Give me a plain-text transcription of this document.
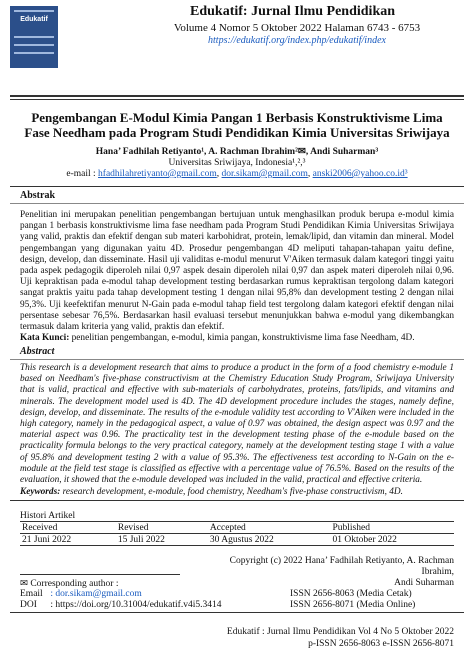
Edukatif
Edukatif: Jurnal Ilmu Pendidikan
Volume 4 Nomor 5 Oktober 2022 Halaman 6743 - 6753
https://edukatif.org/index.php/edukatif/index
Pengembangan E-Modul Kimia Pangan 1 Berbasis Konstruktivisme Lima Fase Needham pada Program Studi Pendidikan Kimia Universitas Sriwijaya
Hana’ Fadhilah Retiyanto¹, A. Rachman Ibrahim²✉, Andi Suharman³
Universitas Sriwijaya, Indonesia¹,²,³
e-mail : hfadhilahretiyanto@gmail.com, dor.sikam@gmail.com, anski2006@yahoo.co.id³
Abstrak
Penelitian ini merupakan penelitian pengembangan bertujuan untuk menghasilkan produk berupa e-modul kimia pangan 1 berbasis konstruktivisme lima fase needham pada Program Studi Pendidikan Kimia Universitas Sriwijaya yang valid, praktis dan efektif dengan sub materi karbohidrat, protein, lemak/lipid, dan vitamin dan mineral. Model pengembangan yang digunakan yaitu 4D. Prosedur pengembangan 4D meliputi tahapan-tahapan yaitu define, design, develop, dan disseminate. Hasil uji validitas e-modul menurut V'Aiken termasuk dalam kategori tinggi yaitu pada aspek pedagogik diperoleh nilai 0,97 aspek desain diperoleh nilai 0,97 dan aspek materi diperoleh nilai 0,96. Uji kepraktisan pada e-modul tahap development testing berdasarkan rumus kepraktisan tergolong dalam kategori sangat praktis yaitu pada tahap development testing 1 dengan nilai 95,8% dan development testing 2 dengan nilai 95,3%. Uji keefektifan menurut N-Gain pada e-modul tahap field test tergolong dalam kategori efektif dengan nilai persentase sebesar 76,5%. Berdasarkan hasil evaluasi tersebut menunjukkan bahwa e-modul yang dikembangkan termasuk dalam kriteria yang valid, praktis dan efektif.
Kata Kunci: penelitian pengembangan, e-modul, kimia pangan, konstruktivisme lima fase Needham, 4D.
Abstract
This research is a development research that aims to produce a product in the form of a food chemistry e-module 1 based on Needham's five-phase constructivism at the Chemistry Education Study Program, Sriwijaya University that is valid, practical and effective with sub-materials of carbohydrates, proteins, fats/lipids, and vitamins and minerals. The development model used is 4D. The 4D development procedure includes the stages, namely define, design, develop, and disseminate. The results of the e-module validity test according to V'Aiken were included in the high category, namely in the pedagogical aspect, a value of 0.97 was obtained, the design aspect was 0.97 and the material aspect was 0.96. The practicality test in the development testing phase of the e-module based on the practicality formula belongs to the very practical category, namely at the development testing stage 1 with a value of 95.8% and development testing 2 with a value of 95.3%. The effectiveness test according to N-Gain on the e-module at the field test stage is classified as effective with a percentage value of 76.5%. Based on the results of the evaluation, it showed that the e-module developed was included in the valid, practical and effective criteria.
Keywords: research development, e-module, food chemistry, Needham's five-phase constructivism, 4D.
Histori Artikel
Received	Revised	Accepted	Published
21 Juni 2022	15 Juli 2022	30 Agustus 2022	01 Oktober 2022
Copyright (c) 2022 Hana’ Fadhilah Retiyanto, A. Rachman Ibrahim,
Andi Suharman
✉ Corresponding author :
Email : dor.sikam@gmail.com	ISSN 2656-8063 (Media Cetak)
DOI : https://doi.org/10.31004/edukatif.v4i5.3414	ISSN 2656-8071 (Media Online)
Edukatif : Jurnal Ilmu Pendidikan Vol 4 No 5 Oktober 2022
p-ISSN 2656-8063 e-ISSN 2656-8071
